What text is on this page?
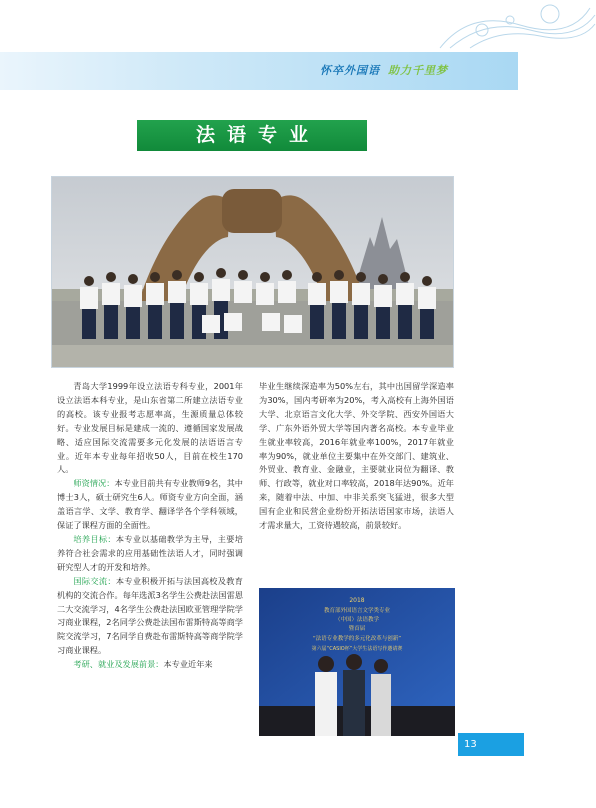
怀卒外国语 助力千里梦
法语专业

青岛大学1999年设立法语专科专业，2001年设立法语本科专业，是山东省第二所建立法语专业的高校。该专业报考志愿率高，生源质量总体较好。专业发展目标是建成一流的、遵循国家发展战略、适应国际交流需要多元化发展的法语语言专业。近年本专业每年招收50人，目前在校生170人。

师资情况：本专业目前共有专业教师9名，其中博士3人，硕士研究生6人。师资专业方向全面，涵盖语言学、文学、教育学、翻译学各个学科领域，保证了课程方面的全面性。

培养目标：本专业以基础教学为主导，主要培养符合社会需求的应用基础性法语人才，同时强调研究型人才的开发和培养。

国际交流：本专业积极开拓与法国高校及教育机构的交流合作。每年选派3名学生公费赴法国雷恩二大交流学习，4名学生公费赴法国欧亚管理学院学习商业课程，2名同学公费赴法国布雷斯特高等商学院交流学习，7名同学自费赴布雷斯特高等商学院学习商业课程。

考研、就业及发展前景：本专业近年来

毕业生继续深造率为50%左右，其中出国留学深造率为30%，国内考研率为20%，考入高校有上海外国语大学、北京语言文化大学、外交学院、西安外国语大学、广东外语外贸大学等国内著名高校。本专业毕业生就业率较高，2016年就业率100%，2017年就业率为90%，就业单位主要集中在外交部门、建筑业、外贸业、教育业、金融业，主要就业岗位为翻译、教师、行政等，就业对口率较高，2018年达90%。近年来，随着中法、中加、中非关系突飞猛进，很多大型国有企业和民营企业纷纷开拓法语国家市场，法语人才需求量大，工资待遇较高，前景较好。

2018
教育部外国语言文学类专业
（中国）法语教学
暨首届
“法语专业教学的多元化改革与创新”
第六届“CASIO杯”大学生法语写作邀请赛
13
